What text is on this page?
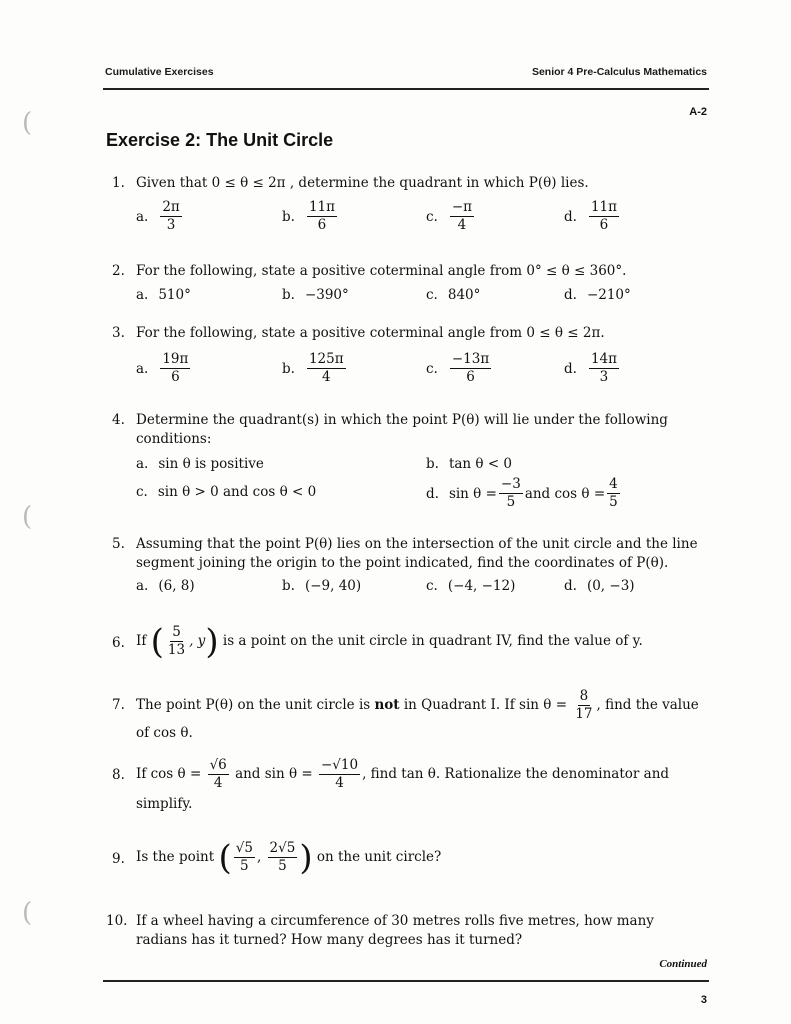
(
(
(
Cumulative Exercises	Senior 4 Pre-Calculus Mathematics
A-2
Exercise 2: The Unit Circle
1. Given that 0 ≤ θ ≤ 2π , determine the quadrant in which P(θ) lies.
a. $\frac{2\pi}{3}$	b. $\frac{11\pi}{6}$	c. $\frac{-\pi}{4}$	d. $\frac{11\pi}{6}$
2. For the following, state a positive coterminal angle from 0° ≤ θ ≤ 360°.
a. 510°	b. −390°	c. 840°	d. −210°
3. For the following, state a positive coterminal angle from 0 ≤ θ ≤ 2π.
a. $\frac{19\pi}{6}$	b. $\frac{125\pi}{4}$	c. $\frac{-13\pi}{6}$	d. $\frac{14\pi}{3}$
4. Determine the quadrant(s) in which the point P(θ) will lie under the following conditions:
a. sin θ is positive	b. tan θ < 0
c. sin θ > 0 and cos θ < 0	d. $\sin \theta = \frac{-3}{5}$ and $\cos \theta = \frac{4}{5}$
5. Assuming that the point P(θ) lies on the intersection of the unit circle and the line segment joining the origin to the point indicated, find the coordinates of P(θ).
a. (6, 8)	b. (−9, 40)	c. (−4, −12)	d. (0, −3)
6. If
( $\frac{5}{13}$ , y )
is a point on the unit circle in quadrant IV, find the value of y.
7. The point P(θ) on the unit circle is not in Quadrant I. If $\sin \theta = \frac{8}{17}$ , find the value of cos θ.
8. If $\cos \theta = \frac{√6}{4}$ and $\sin \theta = \frac{-√10}{4}$ , find tan θ. Rationalize the denominator and simplify.
9. Is the point
( $\frac{√5}{5}$ , $\frac{2√5}{5}$ )
on the unit circle?
10. If a wheel having a circumference of 30 metres rolls five metres, how many radians has it turned? How many degrees has it turned?
Continued
3
